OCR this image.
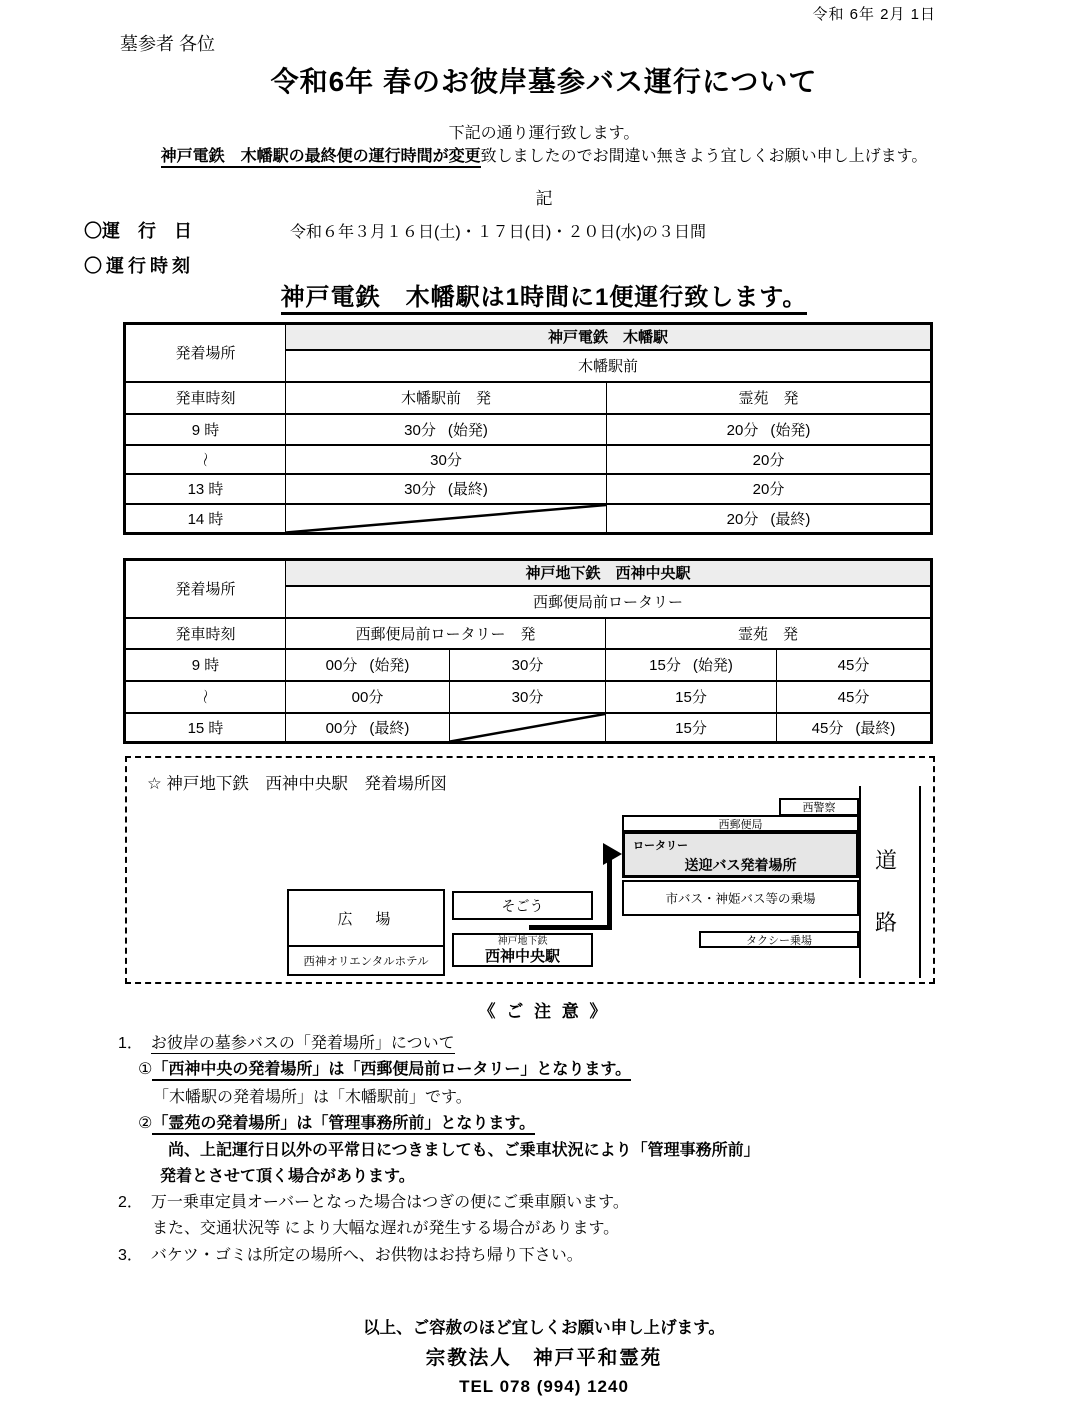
令和 6年 2月 1日
墓参者 各位
令和6年 春のお彼岸墓参バス運行について
下記の通り運行致します。
神戸電鉄　木幡駅の最終便の運行時間が変更致しましたのでお間違い無きよう宜しくお願い申し上げます。
記
〇運　行　日	令和６年３月１６日(土)・１７日(日)・２０日(水)の３日間
〇運行時刻
神戸電鉄　木幡駅は1時間に1便運行致します。
発着場所	神戸電鉄　木幡駅	
	木幡駅前	
発車時刻	木幡駅前　発	霊苑　発
9 時	30分 (始発)	20分 (始発)
〜	30分	20分
13 時	30分 (最終)	20分
14 時		20分 (最終)
発着場所	神戸地下鉄　西神中央駅			
	西郵便局前ロータリー			
発車時刻	西郵便局前ロータリー　発		霊苑　発	
9 時	00分 (始発)	30分	15分 (始発)	45分
〜	00分	30分	15分	45分
15 時	00分 (最終)		15分	45分 (最終)
☆ 神戸地下鉄　西神中央駅　発着場所図
道
路
西警察
西郵便局
ロータリー
送迎バス発着場所
市バス・神姫バス等の乗場
タクシー乗場
広　場
西神オリエンタルホテル
そごう
神戸地下鉄
西神中央駅
《 ご 注 意 》
1． お彼岸の墓参バスの「発着場所」について
①「西神中央の発着場所」は「西郵便局前ロータリー」となります。
「木幡駅の発着場所」は「木幡駅前」です。
②「霊苑の発着場所」は「管理事務所前」となります。
尚、上記運行日以外の平常日につきましても、ご乗車状況により「管理事務所前」
発着とさせて頂く場合があります。
2． 万一乗車定員オーバーとなった場合はつぎの便にご乗車願います。
また、交通状況等 により大幅な遅れが発生する場合があります。
3． バケツ・ゴミは所定の場所へ、お供物はお持ち帰り下さい。
以上、ご容赦のほど宜しくお願い申し上げます。
宗教法人　神戸平和霊苑
TEL 078 (994) 1240
